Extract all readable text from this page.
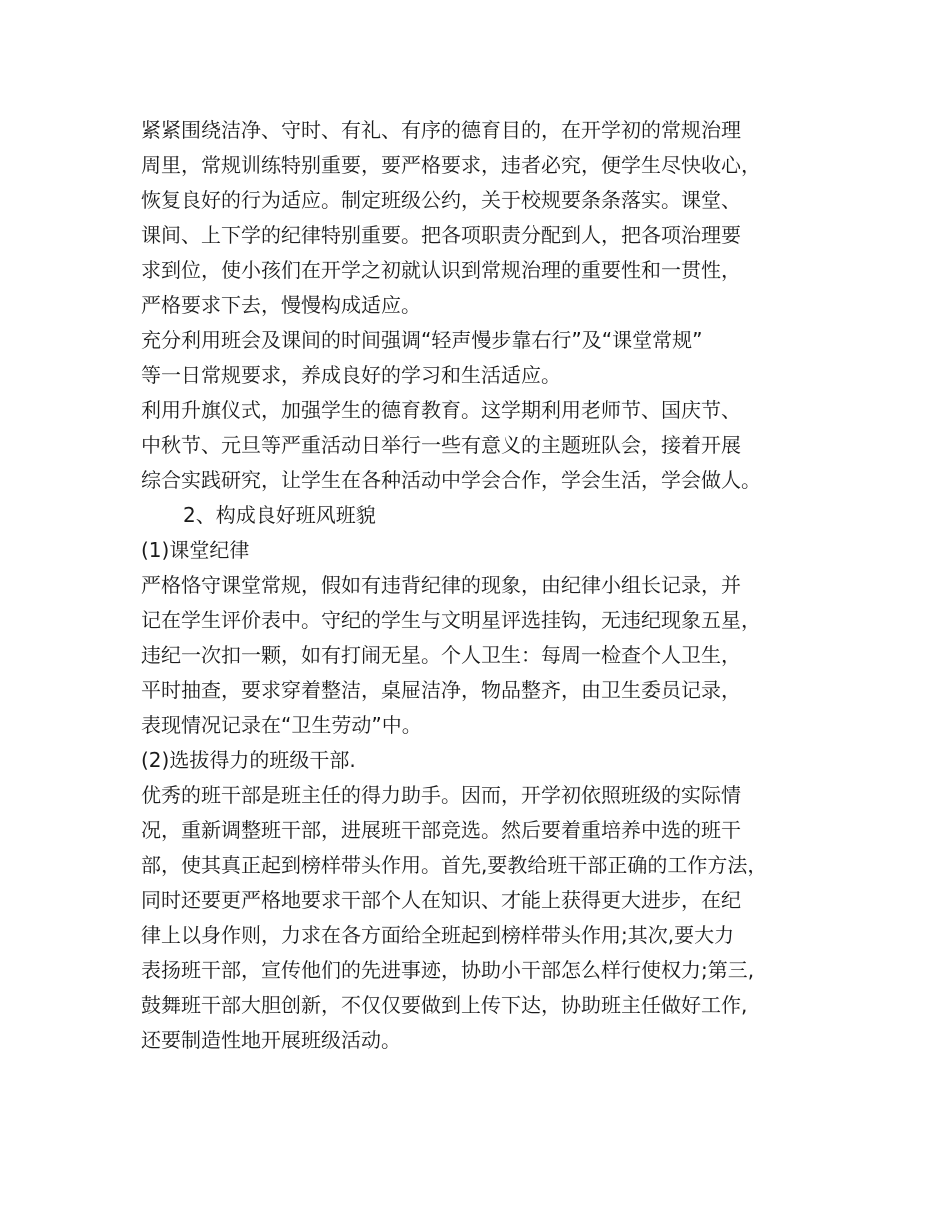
紧紧围绕洁净、守时、有礼、有序的德育目的，在开学初的常规治理
周里，常规训练特别重要，要严格要求，违者必究，便学生尽快收心，
恢复良好的行为适应。制定班级公约，关于校规要条条落实。课堂、
课间、上下学的纪律特别重要。把各项职责分配到人，把各项治理要
求到位，使小孩们在开学之初就认识到常规治理的重要性和一贯性，
严格要求下去，慢慢构成适应。
充分利用班会及课间的时间强调“轻声慢步靠右行”及“课堂常规”
等一日常规要求，养成良好的学习和生活适应。
利用升旗仪式，加强学生的德育教育。这学期利用老师节、国庆节、
中秋节、元旦等严重活动日举行一些有意义的主题班队会，接着开展
综合实践研究，让学生在各种活动中学会合作，学会生活，学会做人。
2、构成良好班风班貌
(1)课堂纪律
严格恪守课堂常规，假如有违背纪律的现象，由纪律小组长记录，并
记在学生评价表中。守纪的学生与文明星评选挂钩，无违纪现象五星，
违纪一次扣一颗，如有打闹无星。个人卫生：每周一检查个人卫生，
平时抽查，要求穿着整洁，桌屉洁净，物品整齐，由卫生委员记录，
表现情况记录在“卫生劳动”中。
(2)选拔得力的班级干部.
优秀的班干部是班主任的得力助手。因而，开学初依照班级的实际情
况，重新调整班干部，进展班干部竞选。然后要着重培养中选的班干
部，使其真正起到榜样带头作用。首先,要教给班干部正确的工作方法，
同时还要更严格地要求干部个人在知识、才能上获得更大进步，在纪
律上以身作则，力求在各方面给全班起到榜样带头作用;其次,要大力
表扬班干部，宣传他们的先进事迹，协助小干部怎么样行使权力;第三,
鼓舞班干部大胆创新，不仅仅要做到上传下达，协助班主任做好工作,
还要制造性地开展班级活动。
